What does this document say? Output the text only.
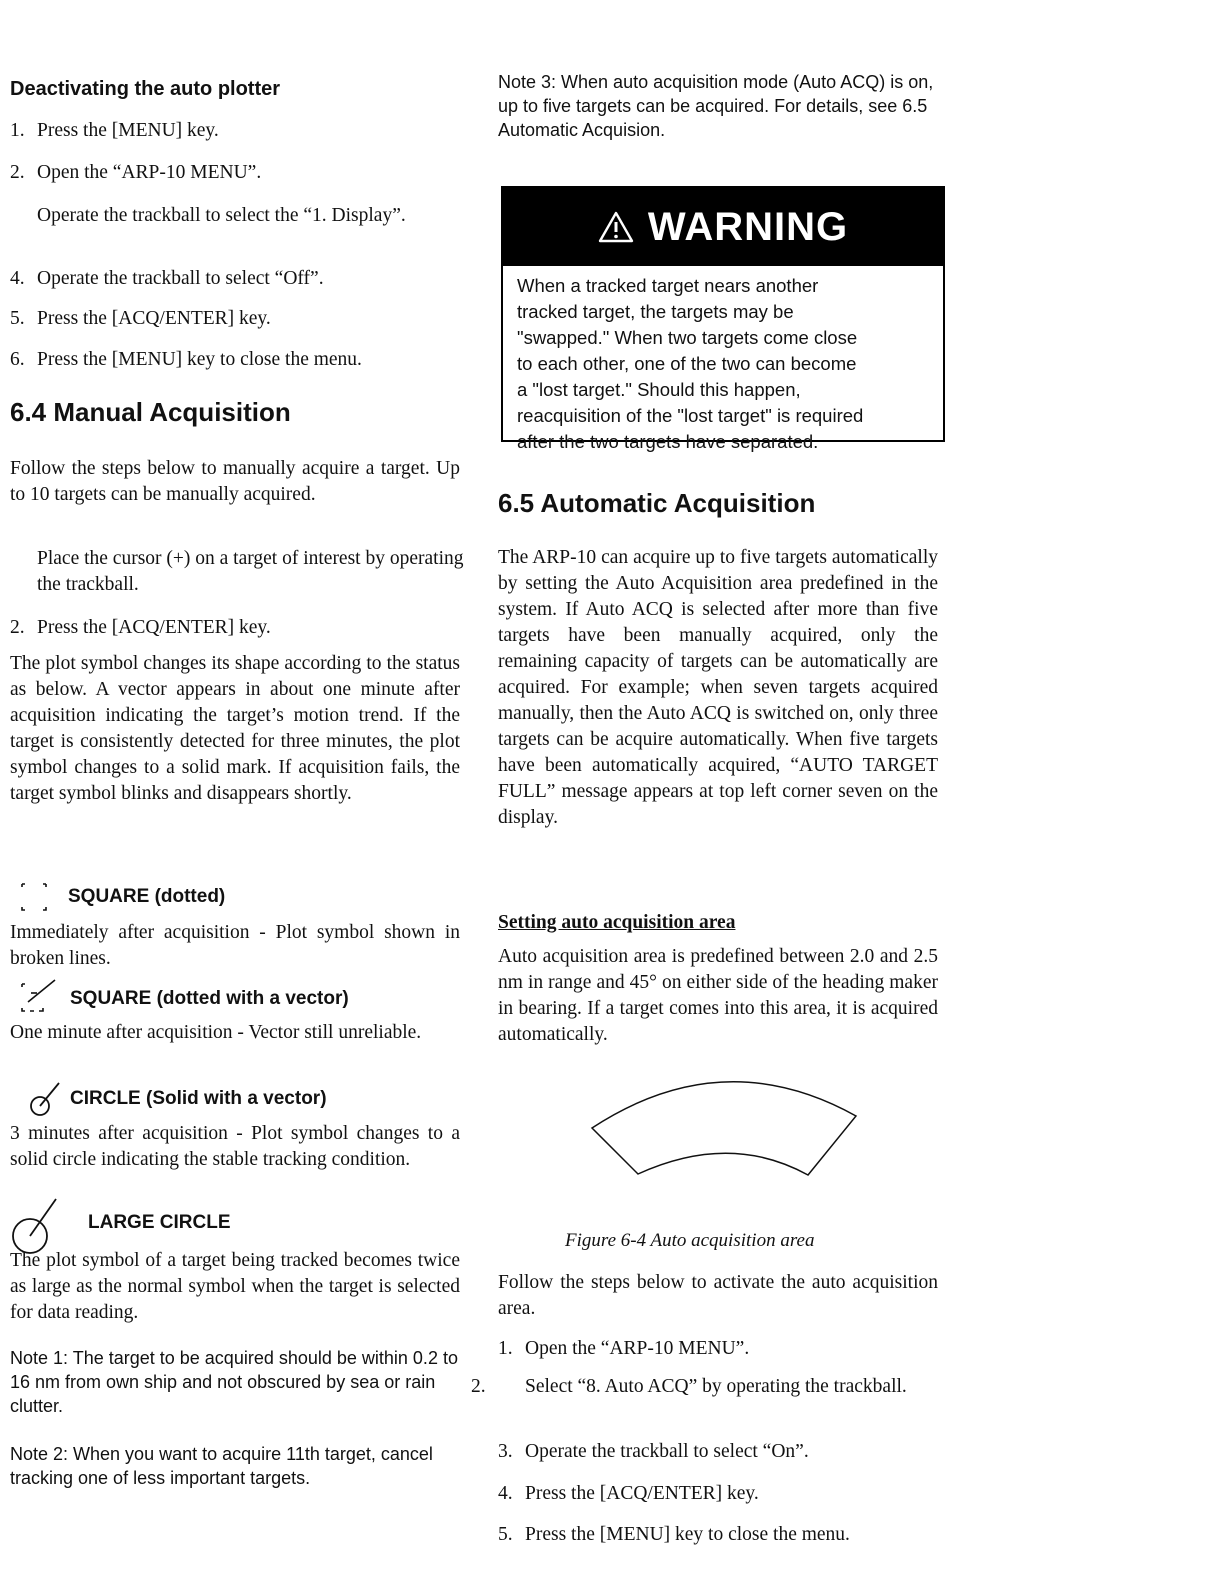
Deactivating the auto plotter
1. Press the [MENU] key.
2. Open the “ARP-10 MENU”.
Operate the trackball to select the “1. Display”.
4. Operate the trackball to select “Off”.
5. Press the [ACQ/ENTER] key.
6. Press the [MENU] key to close the menu.
6.4 Manual Acquisition
Follow the steps below to manually acquire a target. Up to 10 targets can be manually acquired.
Place the cursor (+) on a target of interest by operating the trackball.
2. Press the [ACQ/ENTER] key.
The plot symbol changes its shape according to the status as below. A vector appears in about one minute after acquisition indicating the target’s motion trend. If the target is consistently detected for three minutes, the plot symbol changes to a solid mark. If acquisition fails, the target symbol blinks and disappears shortly.
SQUARE (dotted)
Immediately after acquisition - Plot symbol shown in broken lines.
SQUARE (dotted with a vector)
One minute after acquisition - Vector still unreliable.
CIRCLE (Solid with a vector)
3 minutes after acquisition - Plot symbol changes to a solid circle indicating the stable tracking condition.
LARGE CIRCLE
The plot symbol of a target being tracked becomes twice as large as the normal symbol when the target is selected for data reading.
Note 1: The target to be acquired should be within 0.2 to 16 nm from own ship and not obscured by sea or rain clutter.
Note 2: When you want to acquire 11th target, cancel tracking one of less important targets.
Note 3: When auto acquisition mode (Auto ACQ) is on, up to five targets can be acquired. For details, see 6.5 Automatic Acquision.
WARNING
When a tracked target nears another
tracked target, the targets may be
"swapped." When two targets come close
to each other, one of the two can become
a "lost target." Should this happen,
reacquisition of the "lost target" is required
after the two targets have separated.
6.5 Automatic Acquisition
The ARP-10 can acquire up to five targets automatically by setting the Auto Acquisition area predefined in the system. If Auto ACQ is selected after more than five targets have been manually acquired, only the remaining capacity of targets can be automatically are acquired. For example; when seven targets acquired manually, then the Auto ACQ is switched on, only three targets can be acquire automatically. When five targets have been automatically acquired, “AUTO TARGET FULL” message appears at top left corner seven on the display.
Setting auto acquisition area
Auto acquisition area is predefined between 2.0 and 2.5 nm in range and 45° on either side of the heading maker in bearing. If a target comes into this area, it is acquired automatically.
Figure 6-4 Auto acquisition area
Follow the steps below to activate the auto acquisition area.
1. Open the “ARP-10 MENU”.
2. Select “8. Auto ACQ” by operating the trackball.
3. Operate the trackball to select “On”.
4. Press the [ACQ/ENTER] key.
5. Press the [MENU] key to close the menu.
